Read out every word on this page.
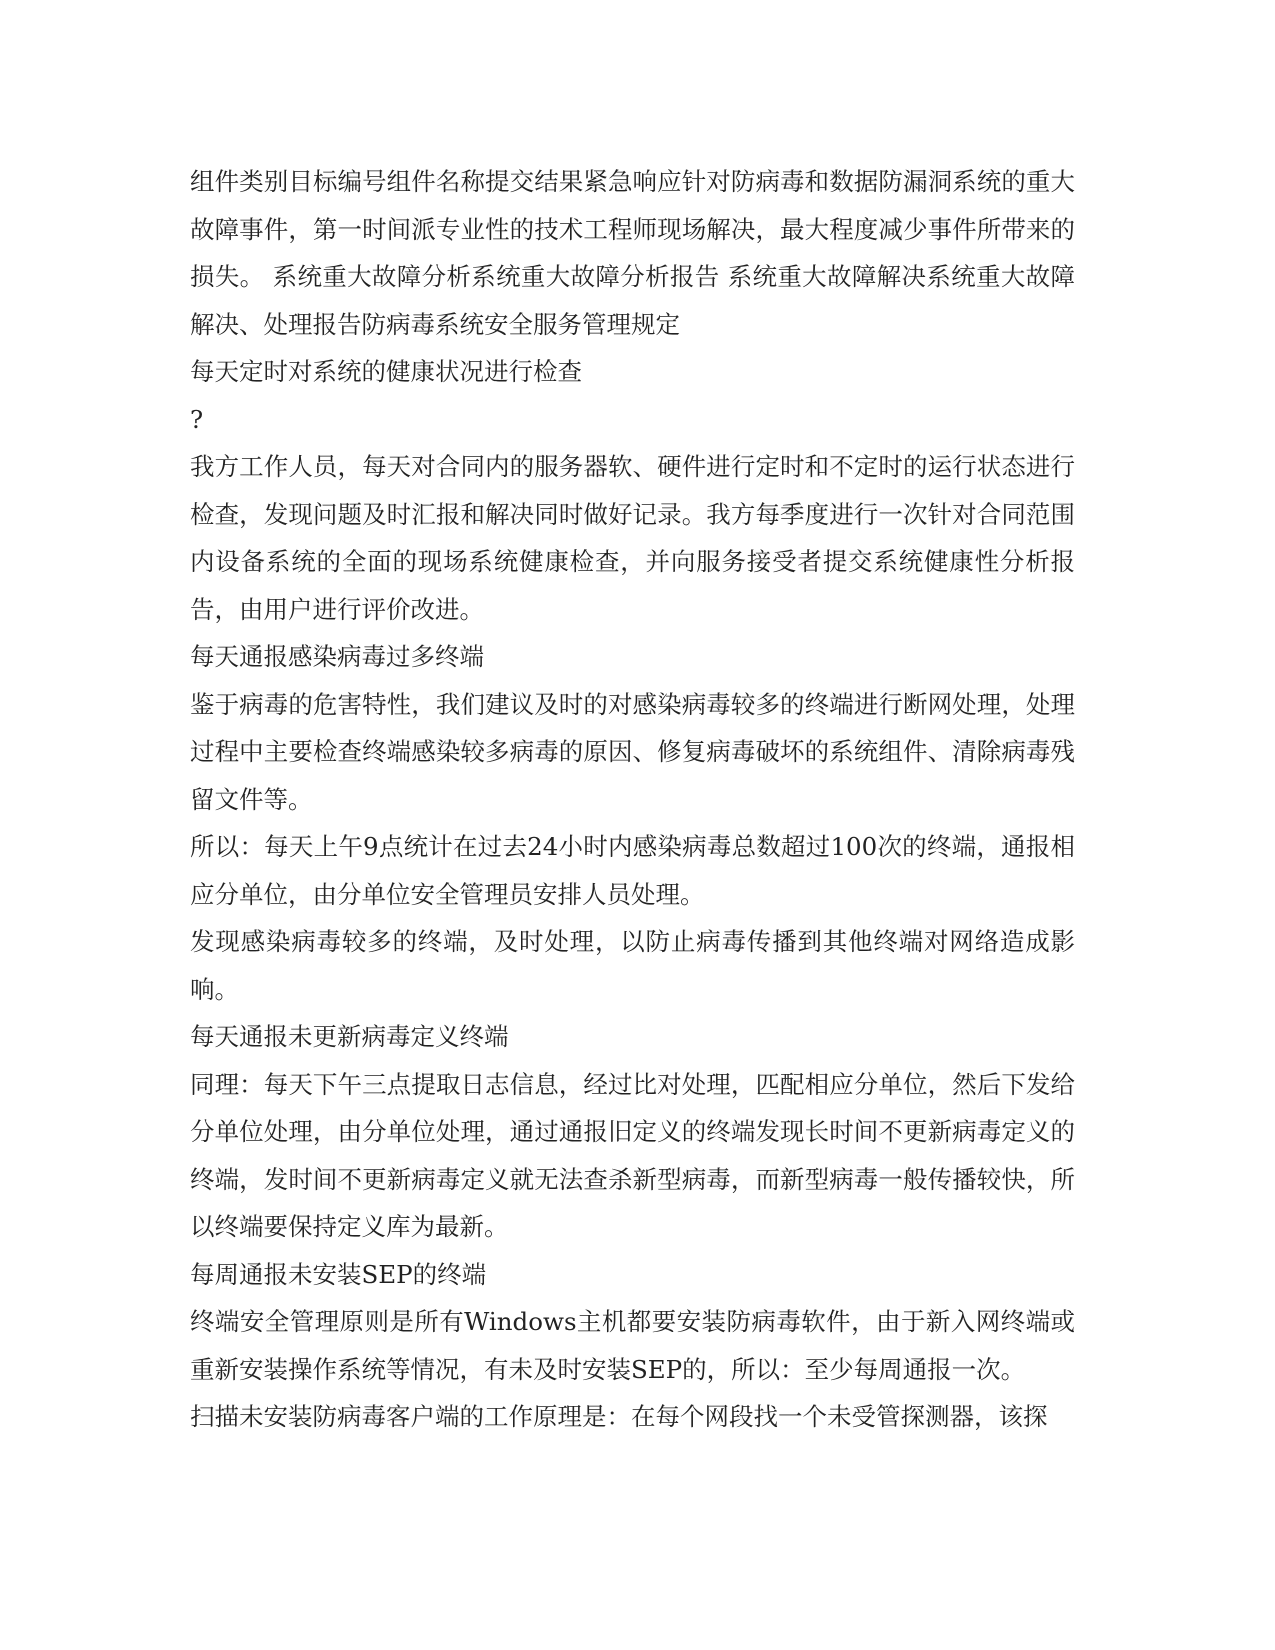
组件类别目标编号组件名称提交结果紧急响应针对防病毒和数据防漏洞系统的重大故障事件，第一时间派专业性的技术工程师现场解决，最大程度减少事件所带来的损失。 系统重大故障分析系统重大故障分析报告 系统重大故障解决系统重大故障解决、处理报告防病毒系统安全服务管理规定

每天定时对系统的健康状况进行检查

?

我方工作人员，每天对合同内的服务器软、硬件进行定时和不定时的运行状态进行检查，发现问题及时汇报和解决同时做好记录。我方每季度进行一次针对合同范围内设备系统的全面的现场系统健康检查，并向服务接受者提交系统健康性分析报告，由用户进行评价改进。

每天通报感染病毒过多终端

鉴于病毒的危害特性，我们建议及时的对感染病毒较多的终端进行断网处理，处理过程中主要检查终端感染较多病毒的原因、修复病毒破坏的系统组件、清除病毒残留文件等。

所以：每天上午9点统计在过去24小时内感染病毒总数超过100次的终端，通报相应分单位，由分单位安全管理员安排人员处理。

发现感染病毒较多的终端，及时处理，以防止病毒传播到其他终端对网络造成影响。

每天通报未更新病毒定义终端

同理：每天下午三点提取日志信息，经过比对处理，匹配相应分单位，然后下发给分单位处理，由分单位处理，通过通报旧定义的终端发现长时间不更新病毒定义的终端，发时间不更新病毒定义就无法查杀新型病毒，而新型病毒一般传播较快，所以终端要保持定义库为最新。

每周通报未安装SEP的终端

终端安全管理原则是所有Windows主机都要安装防病毒软件，由于新入网终端或重新安装操作系统等情况，有未及时安装SEP的，所以：至少每周通报一次。

扫描未安装防病毒客户端的工作原理是：在每个网段找一个未受管探测器，该探
